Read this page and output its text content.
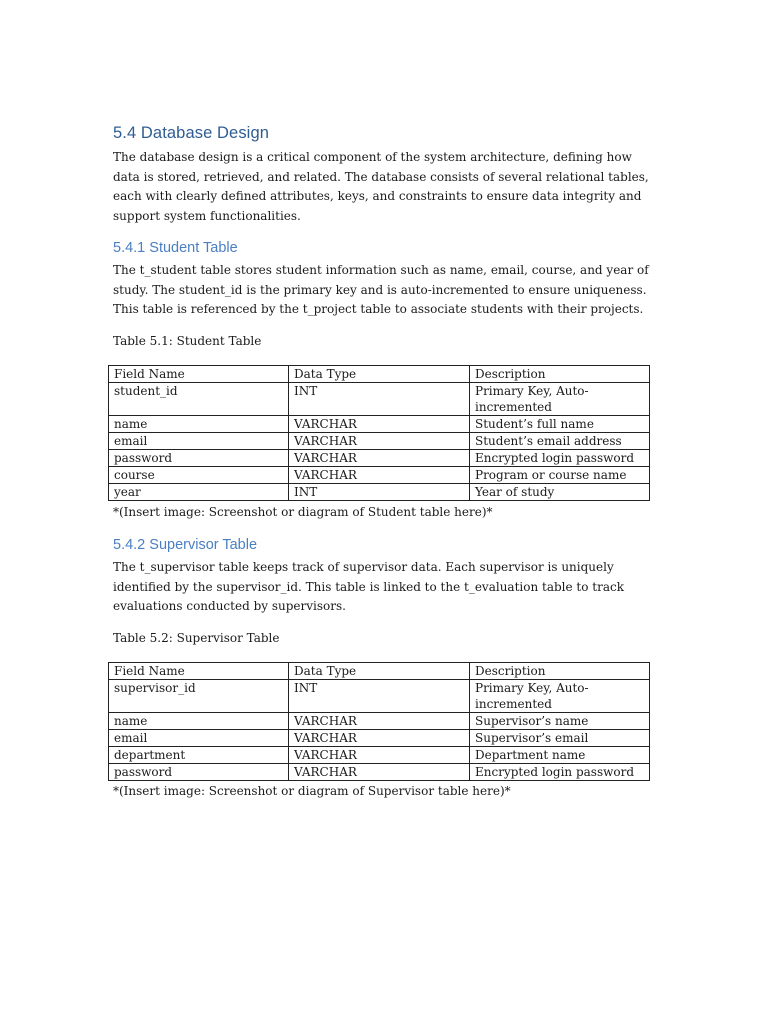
5.4 Database Design

The database design is a critical component of the system architecture, defining how data is stored, retrieved, and related. The database consists of several relational tables, each with clearly defined attributes, keys, and constraints to ensure data integrity and support system functionalities.

5.4.1 Student Table

The t_student table stores student information such as name, email, course, and year of study. The student_id is the primary key and is auto-incremented to ensure uniqueness. This table is referenced by the t_project table to associate students with their projects.

Table 5.1: Student Table

Field Name	Data Type	Description
student_id	INT	Primary Key, Auto-incremented
name	VARCHAR	Student’s full name
email	VARCHAR	Student’s email address
password	VARCHAR	Encrypted login password
course	VARCHAR	Program or course name
year	INT	Year of study

*(Insert image: Screenshot or diagram of Student table here)*

5.4.2 Supervisor Table

The t_supervisor table keeps track of supervisor data. Each supervisor is uniquely identified by the supervisor_id. This table is linked to the t_evaluation table to track evaluations conducted by supervisors.

Table 5.2: Supervisor Table

Field Name	Data Type	Description
supervisor_id	INT	Primary Key, Auto-incremented
name	VARCHAR	Supervisor’s name
email	VARCHAR	Supervisor’s email
department	VARCHAR	Department name
password	VARCHAR	Encrypted login password

*(Insert image: Screenshot or diagram of Supervisor table here)*
